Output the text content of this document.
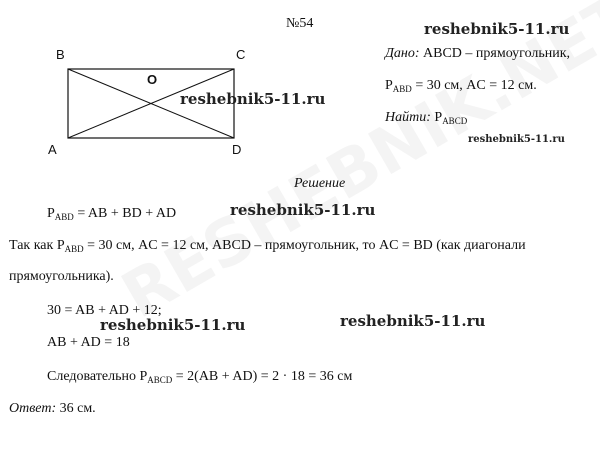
№54	reshebnik5-11.ru
B	C
A	D
O
reshebnik5-11.ru
Дано: ABCD – прямоугольник,
$P_{ABD} = 30$ см, AC = 12 см.
Найти: $P_{ABCD}$
reshebnik5-11.ru
Решение
$P_{ABD}$ = AB + BD + AD	reshebnik5-11.ru
Так как $P_{ABD} = 30$ см, AC = 12 см, ABCD – прямоугольник, то AC = BD (как диагонали
прямоугольника).
30 = AB + AD + 12;
reshebnik5-11.ru	reshebnik5-11.ru
AB + AD = 18
Следовательно $P_{ABCD} = 2(AB + AD) = 2 \cdot 18 = 36$ см
Ответ: 36 см.
